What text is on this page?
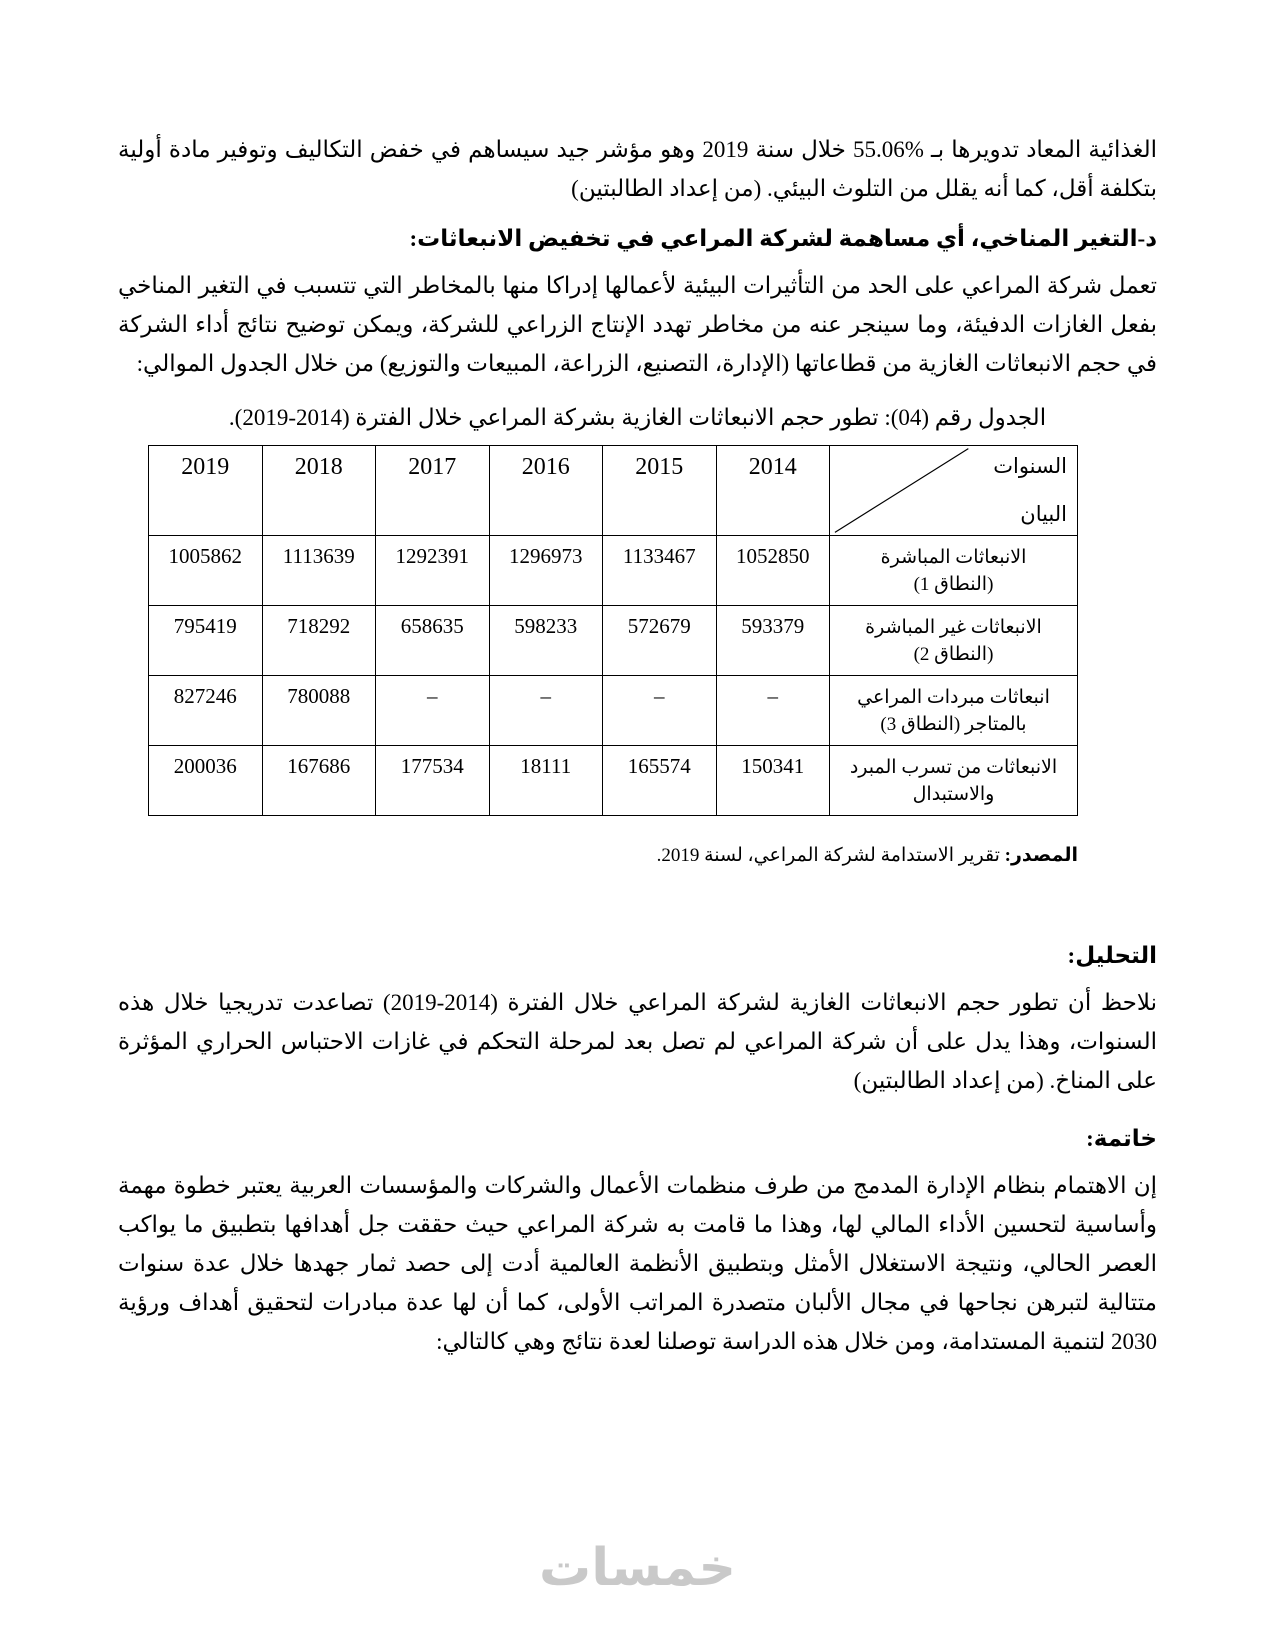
الغذائية المعاد تدويرها بـ %55.06 خلال سنة 2019 وهو مؤشر جيد سيساهم في خفض التكاليف وتوفير مادة أولية بتكلفة أقل، كما أنه يقلل من التلوث البيئي. (من إعداد الطالبتين)

د-التغير المناخي، أي مساهمة لشركة المراعي في تخفيض الانبعاثات:

تعمل شركة المراعي على الحد من التأثيرات البيئية لأعمالها إدراكا منها بالمخاطر التي تتسبب في التغير المناخي بفعل الغازات الدفيئة، وما سينجر عنه من مخاطر تهدد الإنتاج الزراعي للشركة، ويمكن توضيح نتائج أداء الشركة في حجم الانبعاثات الغازية من قطاعاتها (الإدارة، التصنيع، الزراعة، المبيعات والتوزيع) من خلال الجدول الموالي:

الجدول رقم (04): تطور حجم الانبعاثات الغازية بشركة المراعي خلال الفترة (2014-2019).
السنوات
البيان	2014	2015	2016	2017	2018	2019

الانبعاثات المباشرة
(النطاق 1)	1052850	1133467	1296973	1292391	1113639	1005862

الانبعاثات غير المباشرة
(النطاق 2)	593379	572679	598233	658635	718292	795419

انبعاثات مبردات المراعي
بالمتاجر (النطاق 3)	–	–	–	–	780088	827246

الانبعاثات من تسرب المبرد
والاستبدال	150341	165574	18111	177534	167686	200036

المصدر: تقرير الاستدامة لشركة المراعي، لسنة 2019.

التحليل:

نلاحظ أن تطور حجم الانبعاثات الغازية لشركة المراعي خلال الفترة (2014-2019) تصاعدت تدريجيا خلال هذه السنوات، وهذا يدل على أن شركة المراعي لم تصل بعد لمرحلة التحكم في غازات الاحتباس الحراري المؤثرة على المناخ. (من إعداد الطالبتين)

خاتمة:

إن الاهتمام بنظام الإدارة المدمج من طرف منظمات الأعمال والشركات والمؤسسات العربية يعتبر خطوة مهمة وأساسية لتحسين الأداء المالي لها، وهذا ما قامت به شركة المراعي حيث حققت جل أهدافها بتطبيق ما يواكب العصر الحالي، ونتيجة الاستغلال الأمثل وبتطبيق الأنظمة العالمية أدت إلى حصد ثمار جهدها خلال عدة سنوات متتالية لتبرهن نجاحها في مجال الألبان متصدرة المراتب الأولى، كما أن لها عدة مبادرات لتحقيق أهداف ورؤية 2030 لتنمية المستدامة، ومن خلال هذه الدراسة توصلنا لعدة نتائج وهي كالتالي:

خمسات
